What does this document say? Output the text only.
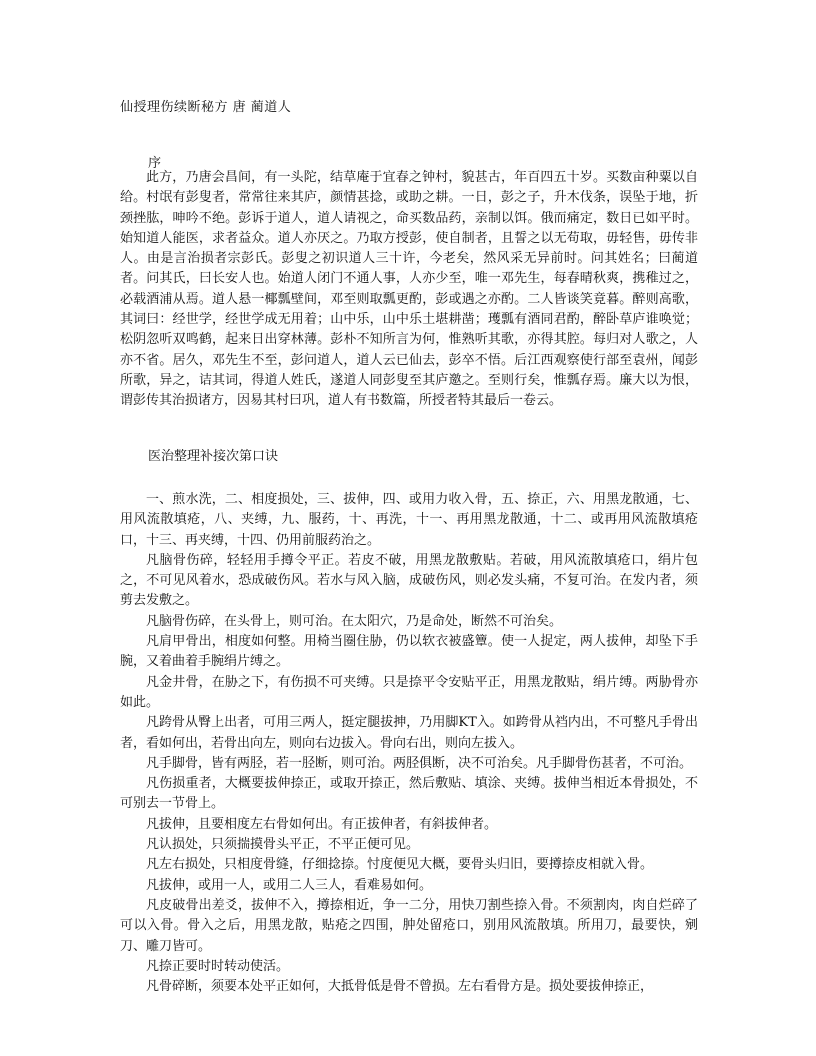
仙授理伤续断秘方 唐 蔺道人
序

此方，乃唐会昌间，有一头陀，结草庵于宜春之钟村，貌甚古，年百四五十岁。买数亩种粟以自给。村氓有彭叟者，常常往来其庐，颜情甚捻，或助之耕。一日，彭之子，升木伐条，误坠于地，折颈挫肱，呻吟不绝。彭诉于道人，道人请视之，命买数品药，亲制以饵。俄而痛定，数日已如平时。始知道人能医，求者益众。道人亦厌之。乃取方授彭，使自制者，且誓之以无苟取，毋轻售，毋传非人。由是言治损者宗彭氏。彭叟之初识道人三十许，今老矣，然风采无异前时。问其姓名；曰蔺道者。问其氏，曰长安人也。始道人闭门不通人事，人亦少至，唯一邓先生，每春晴秋爽，携稚过之，必载酒浦从焉。道人悬一椰瓢壁间，邓至则取瓢更酌，彭或遇之亦酌。二人皆谈笑竟暮。醉则高歌，其词曰：经世学，经世学成无用着；山中乐，山中乐土堪耕凿；瓁瓢有酒同君酌，醉卧草庐谁唤觉；松阴忽听双鸣鹤，起来日出穿林薄。彭朴不知所言为何，惟熟听其歌，亦得其腔。每归对人歌之，人亦不省。居久，邓先生不至，彭问道人，道人云已仙去，彭卒不悟。后江西观察使行部至袁州，闻彭所歌，异之，诘其词，得道人姓氏，遂道人同彭叟至其庐邀之。至则行矣，惟瓢存焉。廉大以为恨，谓彭传其治损诸方，因易其村曰巩，道人有书数篇，所授者特其最后一卷云。

医治整理补接次第口诀

一、煎水洗，二、相度损处，三、拔伸，四、或用力收入骨，五、捺正，六、用黑龙散通，七、用风流散填疮，八、夹缚，九、服药，十、再洗，十一、再用黑龙散通，十二、或再用风流散填疮口，十三、再夹缚，十四、仍用前服药治之。

凡脑骨伤碎，轻轻用手撙令平正。若皮不破，用黑龙散敷贴。若破，用风流散填疮口，绢片包之，不可见风着水，恐成破伤风。若水与风入脑，成破伤风，则必发头痛，不复可治。在发内者，须剪去发敷之。

凡脑骨伤碎，在头骨上，则可治。在太阳穴，乃是命处，断然不可治矣。

凡肩甲骨出，相度如何整。用椅当圈住胁，仍以软衣被盛簟。使一人捉定，两人拔伸，却坠下手腕，又着曲着手腕绢片缚之。

凡金井骨，在胁之下，有伤损不可夹缚。只是捺平令安贴平正，用黑龙散贴，绢片缚。两胁骨亦如此。

凡跨骨从臀上出者，可用三两人，挺定腿拔抻，乃用脚KT入。如跨骨从裆内出，不可整凡手骨出者，看如何出，若骨出向左，则向右边拔入。骨向右出，则向左拔入。

凡手脚骨，皆有两胫，若一胫断，则可治。两胫俱断，决不可治矣。凡手脚骨伤甚者，不可治。

凡伤损重者，大概要拔伸捺正，或取开捺正，然后敷贴、填涂、夹缚。拔伸当相近本骨损处，不可别去一节骨上。

凡拔伸，且要相度左右骨如何出。有正拔伸者，有斜拔伸者。

凡认损处，只须揣摸骨头平正，不平正便可见。

凡左右损处，只相度骨缝，仔细捻捺。忖度便见大概，要骨头归旧，要撙捺皮相就入骨。

凡拔伸，或用一人，或用二人三人，看难易如何。

凡皮破骨出差爻，拔伸不入，撙捺相近，争一二分，用快刀割些捺入骨。不须割肉，肉自烂碎了可以入骨。骨入之后，用黑龙散，贴疮之四围，肿处留疮口，别用风流散填。所用刀，最要快，剜刀、雕刀皆可。

凡捺正要时时转动使活。

凡骨碎断，须要本处平正如何，大抵骨低是骨不曾损。左右看骨方是。损处要拔伸捺正，
